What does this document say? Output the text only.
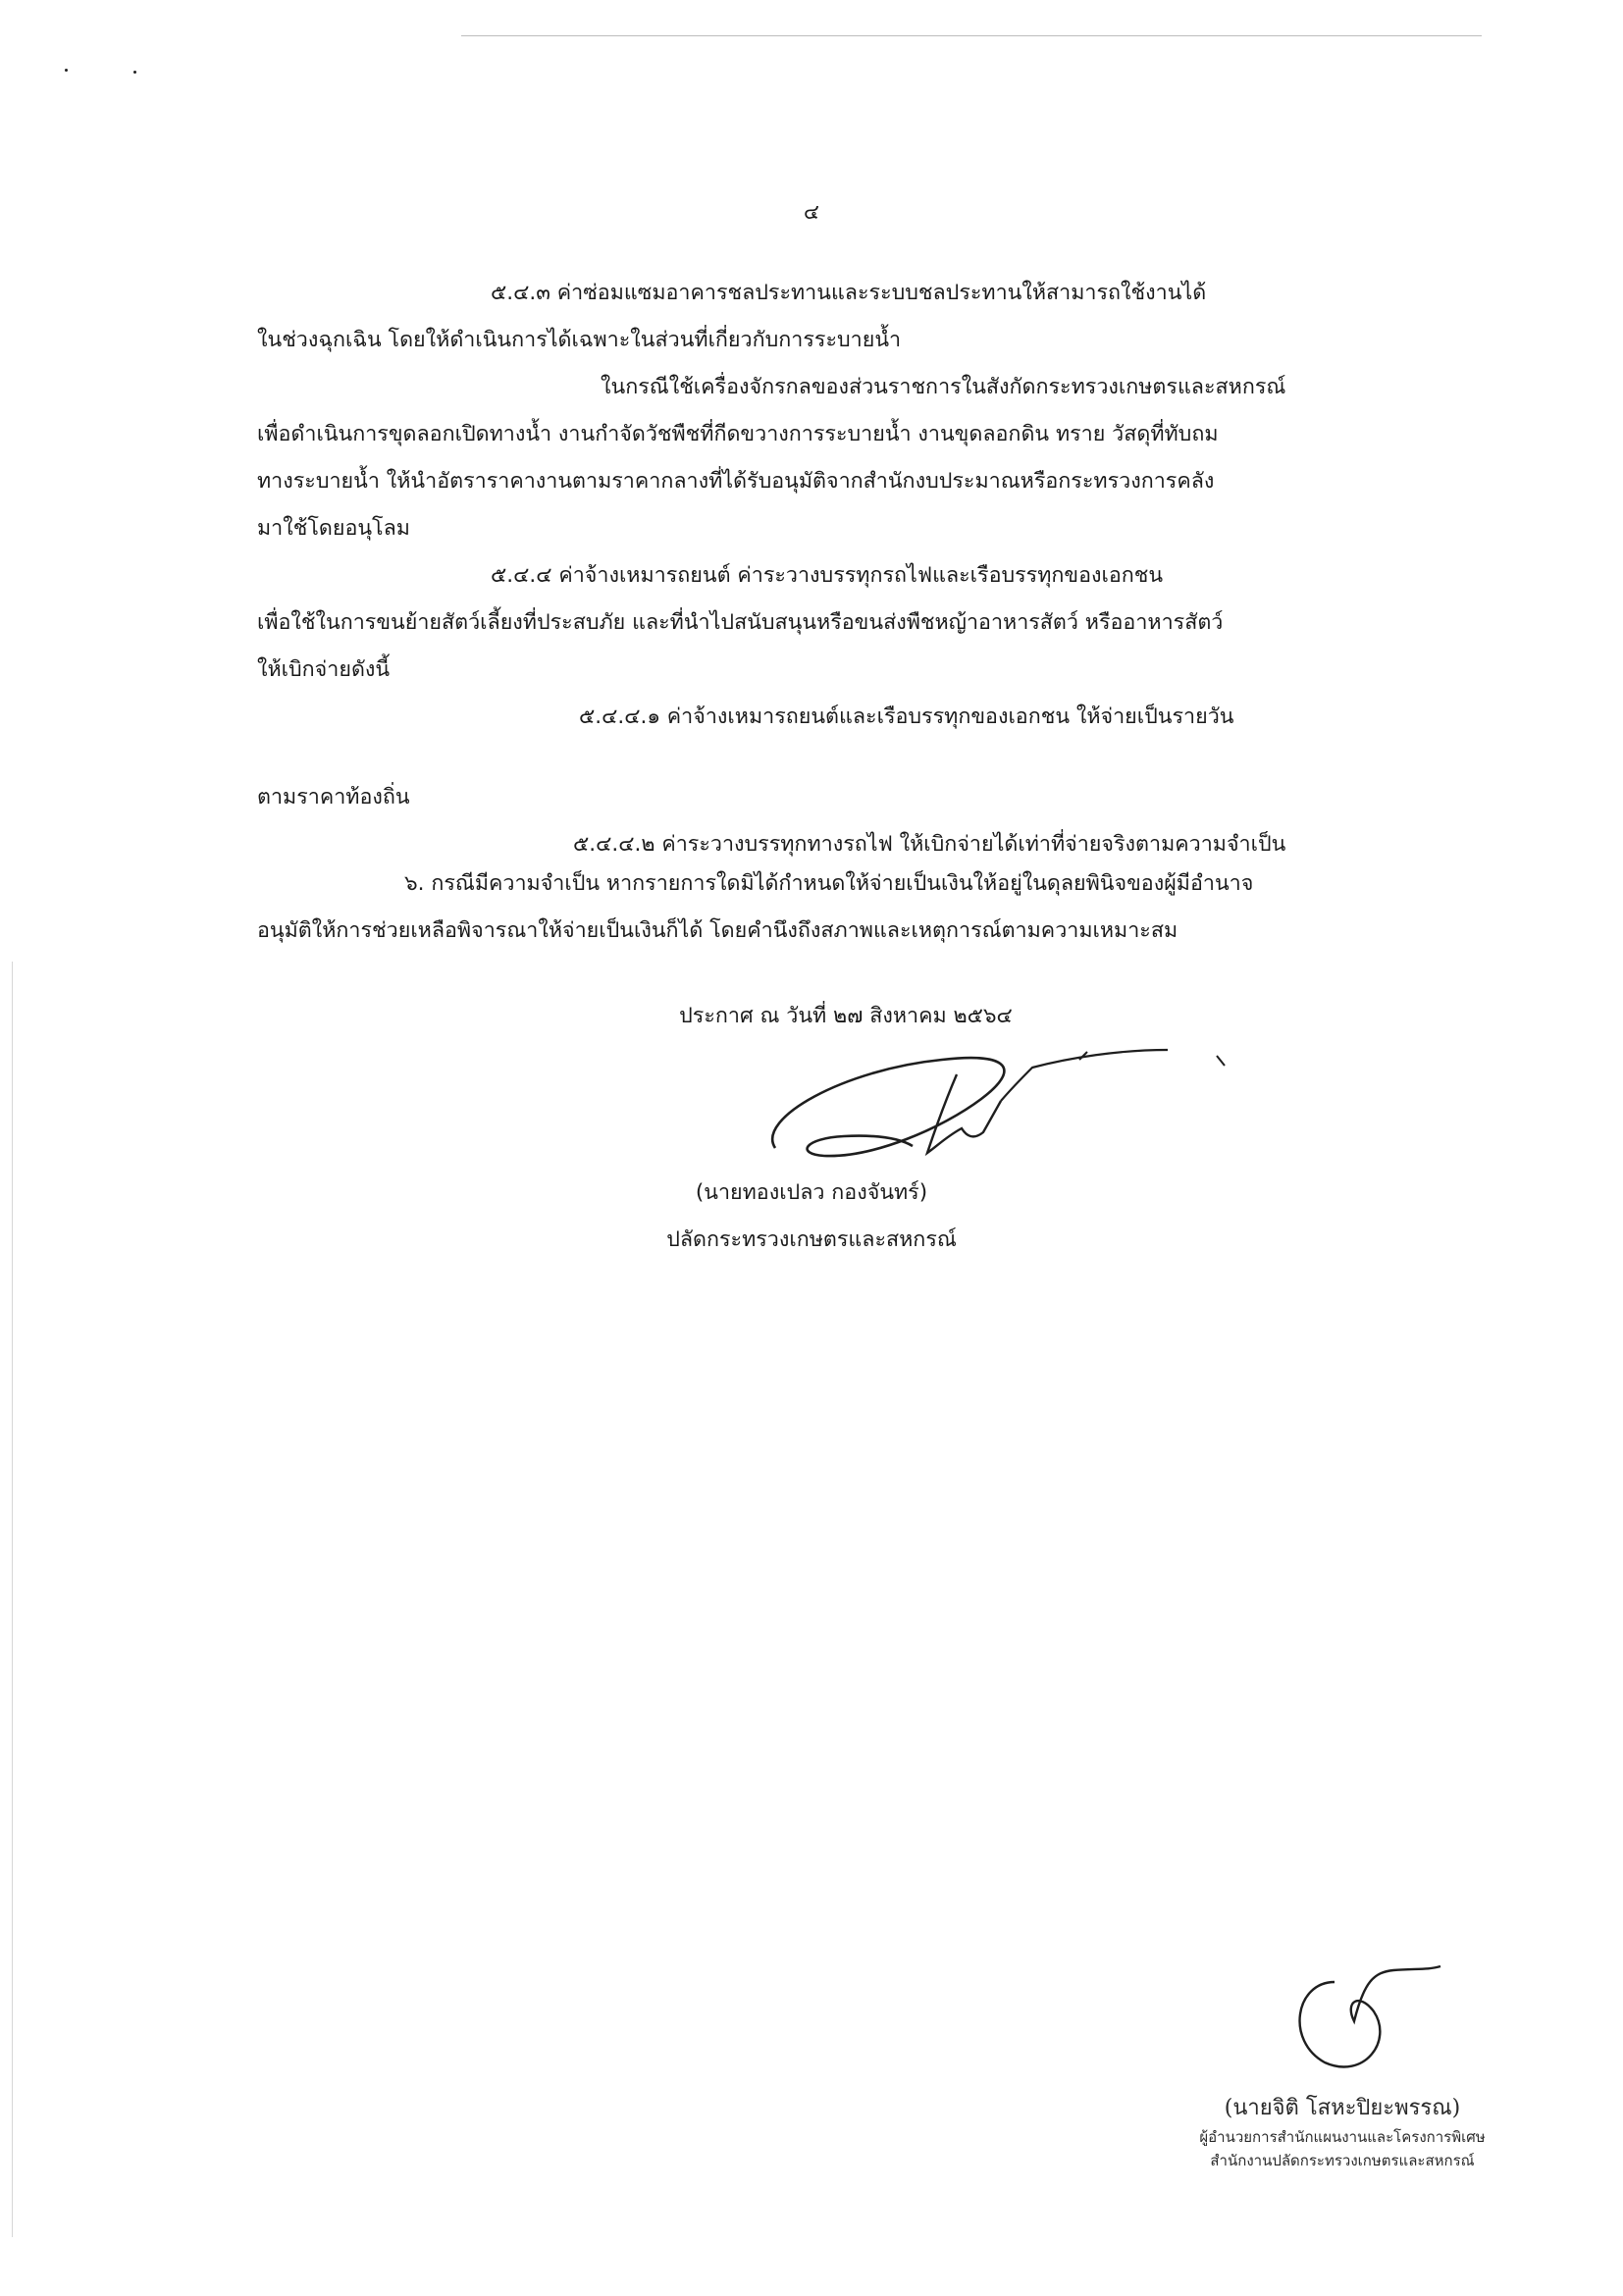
๔
๕.๔.๓ ค่าซ่อมแซมอาคารชลประทานและระบบชลประทานให้สามารถใช้งานได้
ในช่วงฉุกเฉิน โดยให้ดำเนินการได้เฉพาะในส่วนที่เกี่ยวกับการระบายน้ำ
ในกรณีใช้เครื่องจักรกลของส่วนราชการในสังกัดกระทรวงเกษตรและสหกรณ์
เพื่อดำเนินการขุดลอกเปิดทางน้ำ งานกำจัดวัชพืชที่กีดขวางการระบายน้ำ งานขุดลอกดิน ทราย วัสดุที่ทับถม
ทางระบายน้ำ ให้นำอัตราราคางานตามราคากลางที่ได้รับอนุมัติจากสำนักงบประมาณหรือกระทรวงการคลัง
มาใช้โดยอนุโลม
๕.๔.๔ ค่าจ้างเหมารถยนต์ ค่าระวางบรรทุกรถไฟและเรือบรรทุกของเอกชน
เพื่อใช้ในการขนย้ายสัตว์เลี้ยงที่ประสบภัย และที่นำไปสนับสนุนหรือขนส่งพืชหญ้าอาหารสัตว์ หรืออาหารสัตว์
ให้เบิกจ่ายดังนี้
๕.๔.๔.๑ ค่าจ้างเหมารถยนต์และเรือบรรทุกของเอกชน ให้จ่ายเป็นรายวัน
ตามราคาท้องถิ่น
๕.๔.๔.๒ ค่าระวางบรรทุกทางรถไฟ ให้เบิกจ่ายได้เท่าที่จ่ายจริงตามความจำเป็น
๖. กรณีมีความจำเป็น หากรายการใดมิได้กำหนดให้จ่ายเป็นเงินให้อยู่ในดุลยพินิจของผู้มีอำนาจ
อนุมัติให้การช่วยเหลือพิจารณาให้จ่ายเป็นเงินก็ได้ โดยคำนึงถึงสภาพและเหตุการณ์ตามความเหมาะสม
ประกาศ ณ วันที่ ๒๗ สิงหาคม ๒๕๖๔
(นายทองเปลว กองจันทร์)
ปลัดกระทรวงเกษตรและสหกรณ์
(นายจิติ โสหะปิยะพรรณ)
ผู้อำนวยการสำนักแผนงานและโครงการพิเศษ
สำนักงานปลัดกระทรวงเกษตรและสหกรณ์
